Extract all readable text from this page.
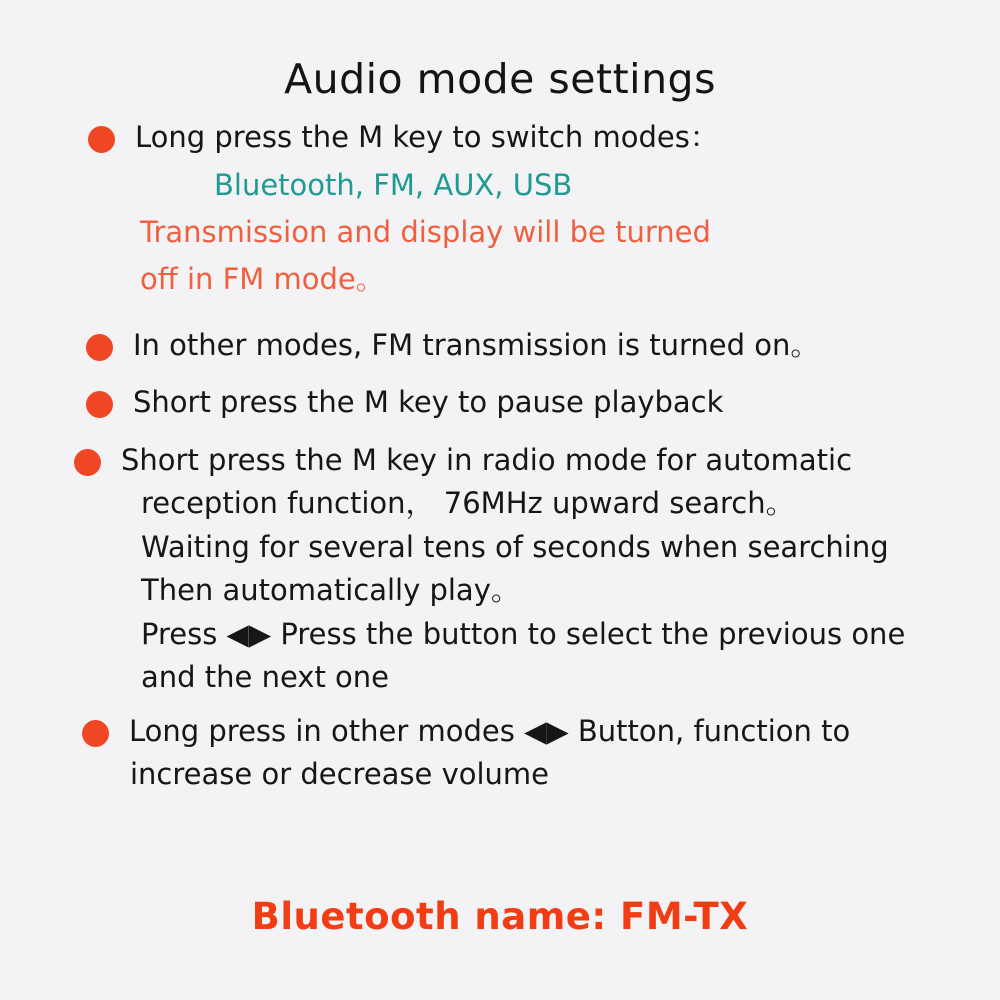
Audio mode settings
Long press the M key to switch modes：
Bluetooth, FM, AUX, USB
Transmission and display will be turned
off in FM mode。
In other modes, FM transmission is turned on。
Short press the M key to pause playback
Short press the M key in radio mode for automatic
reception function， 76MHz upward search。
Waiting for several tens of seconds when searching
Then automatically play。
Press ◀▶ Press the button to select the previous one
and the next one
Long press in other modes ◀▶ Button, function to
increase or decrease volume
Bluetooth name: FM-TX
